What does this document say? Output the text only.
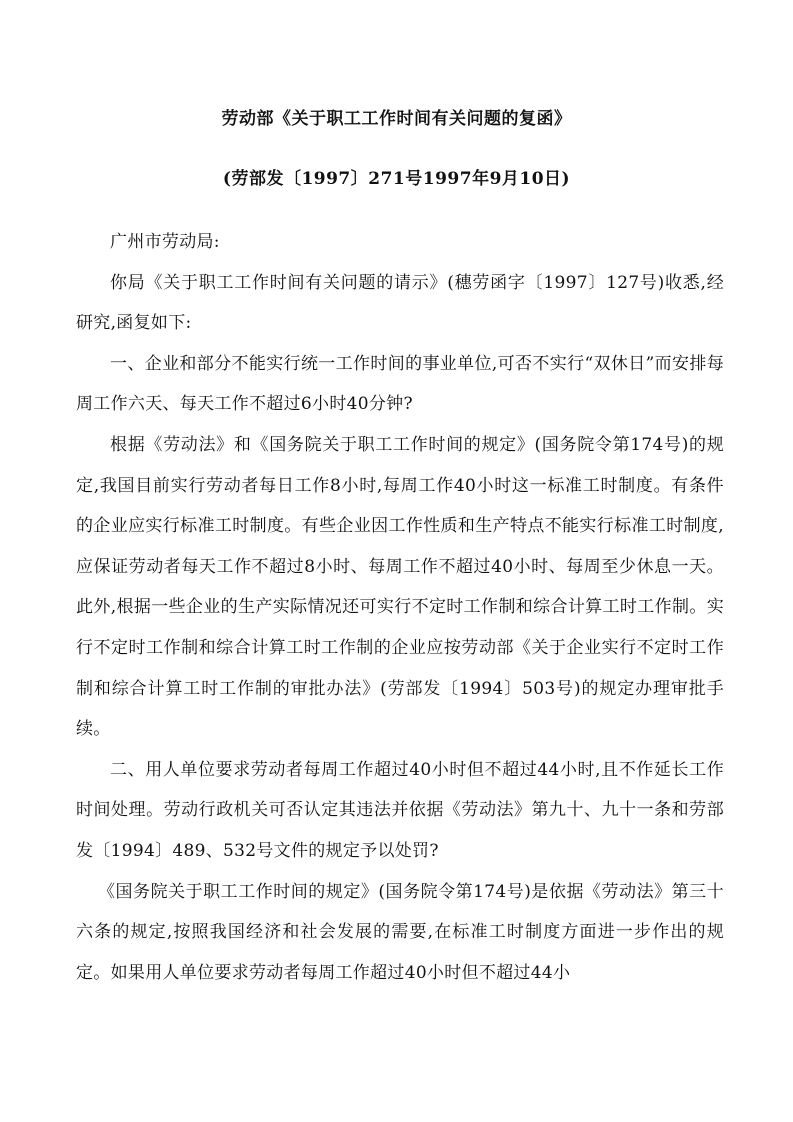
劳动部《关于职工工作时间有关问题的复函》
(劳部发〔1997〕271号1997年9月10日)

广州市劳动局:

你局《关于职工工作时间有关问题的请示》(穗劳函字〔1997〕127号)收悉,经研究,函复如下:

一、企业和部分不能实行统一工作时间的事业单位,可否不实行“双休日”而安排每周工作六天、每天工作不超过6小时40分钟?

根据《劳动法》和《国务院关于职工工作时间的规定》(国务院令第174号)的规定,我国目前实行劳动者每日工作8小时,每周工作40小时这一标准工时制度。有条件的企业应实行标准工时制度。有些企业因工作性质和生产特点不能实行标准工时制度,应保证劳动者每天工作不超过8小时、每周工作不超过40小时、每周至少休息一天。此外,根据一些企业的生产实际情况还可实行不定时工作制和综合计算工时工作制。实行不定时工作制和综合计算工时工作制的企业应按劳动部《关于企业实行不定时工作制和综合计算工时工作制的审批办法》(劳部发〔1994〕503号)的规定办理审批手续。

二、用人单位要求劳动者每周工作超过40小时但不超过44小时,且不作延长工作时间处理。劳动行政机关可否认定其违法并依据《劳动法》第九十、九十一条和劳部发〔1994〕489、532号文件的规定予以处罚?

《国务院关于职工工作时间的规定》(国务院令第174号)是依据《劳动法》第三十六条的规定,按照我国经济和社会发展的需要,在标准工时制度方面进一步作出的规定。如果用人单位要求劳动者每周工作超过40小时但不超过44小
